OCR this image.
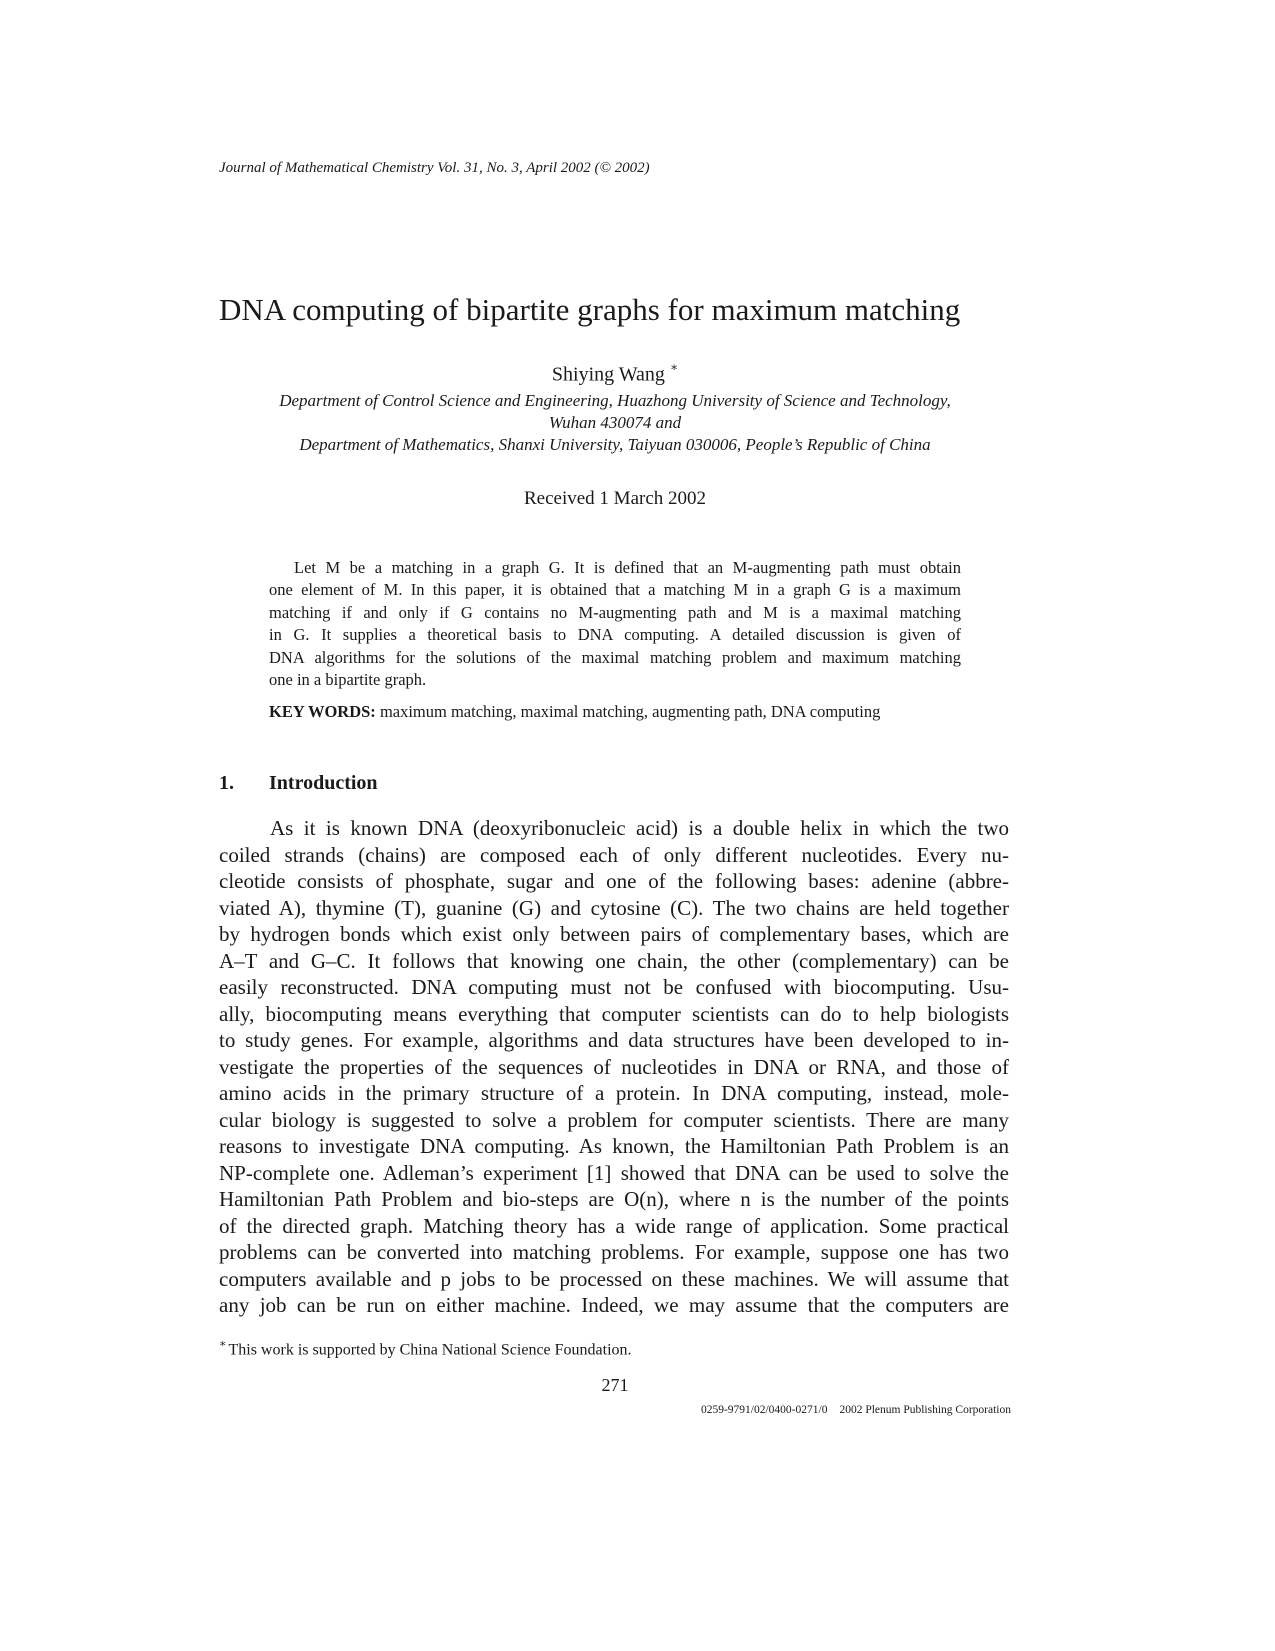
Journal of Mathematical Chemistry Vol. 31, No. 3, April 2002 (© 2002)
DNA computing of bipartite graphs for maximum matching
Shiying Wang ∗
Department of Control Science and Engineering, Huazhong University of Science and Technology,
Wuhan 430074 and
Department of Mathematics, Shanxi University, Taiyuan 030006, People’s Republic of China
Received 1 March 2002
Let M be a matching in a graph G. It is defined that an M-augmenting path must obtain
one element of M. In this paper, it is obtained that a matching M in a graph G is a maximum
matching if and only if G contains no M-augmenting path and M is a maximal matching
in G. It supplies a theoretical basis to DNA computing. A detailed discussion is given of
DNA algorithms for the solutions of the maximal matching problem and maximum matching
one in a bipartite graph.
KEY WORDS: maximum matching, maximal matching, augmenting path, DNA computing
1. Introduction
As it is known DNA (deoxyribonucleic acid) is a double helix in which the two
coiled strands (chains) are composed each of only different nucleotides. Every nu-
cleotide consists of phosphate, sugar and one of the following bases: adenine (abbre-
viated A), thymine (T), guanine (G) and cytosine (C). The two chains are held together
by hydrogen bonds which exist only between pairs of complementary bases, which are
A–T and G–C. It follows that knowing one chain, the other (complementary) can be
easily reconstructed. DNA computing must not be confused with biocomputing. Usu-
ally, biocomputing means everything that computer scientists can do to help biologists
to study genes. For example, algorithms and data structures have been developed to in-
vestigate the properties of the sequences of nucleotides in DNA or RNA, and those of
amino acids in the primary structure of a protein. In DNA computing, instead, mole-
cular biology is suggested to solve a problem for computer scientists. There are many
reasons to investigate DNA computing. As known, the Hamiltonian Path Problem is an
NP-complete one. Adleman’s experiment [1] showed that DNA can be used to solve the
Hamiltonian Path Problem and bio-steps are O(n), where n is the number of the points
of the directed graph. Matching theory has a wide range of application. Some practical
problems can be converted into matching problems. For example, suppose one has two
computers available and p jobs to be processed on these machines. We will assume that
any job can be run on either machine. Indeed, we may assume that the computers are
∗ This work is supported by China National Science Foundation.
271
0259-9791/02/0400-0271/0 2002 Plenum Publishing Corporation
